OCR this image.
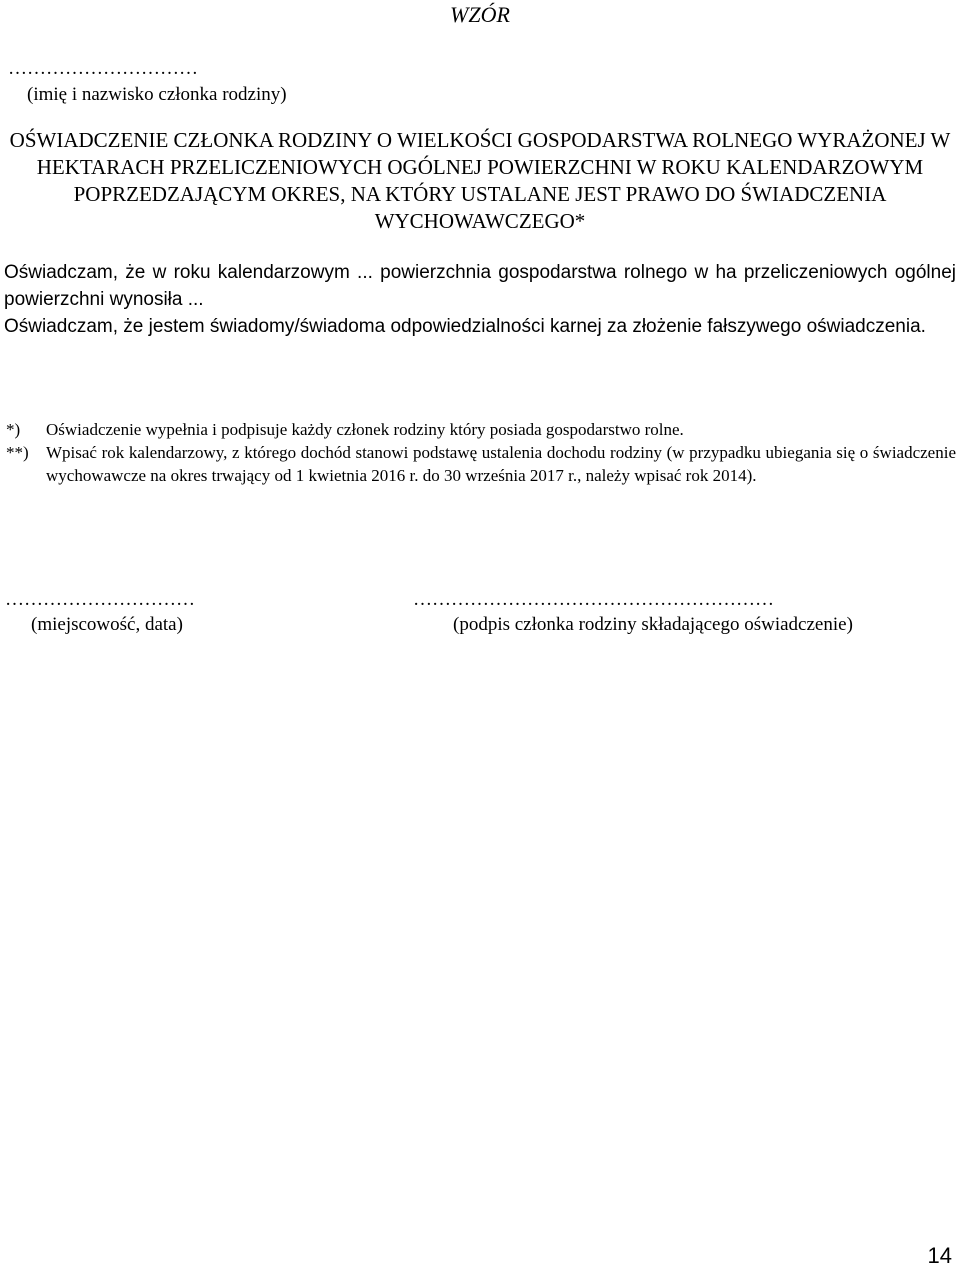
WZÓR
…………………………
(imię i nazwisko członka rodziny)
OŚWIADCZENIE CZŁONKA RODZINY O WIELKOŚCI GOSPODARSTWA ROLNEGO WYRAŻONEJ W HEKTARACH PRZELICZENIOWYCH OGÓLNEJ POWIERZCHNI W ROKU KALENDARZOWYM POPRZEDZAJĄCYM OKRES, NA KTÓRY USTALANE JEST PRAWO DO ŚWIADCZENIA WYCHOWAWCZEGO*
Oświadczam, że w roku kalendarzowym ... powierzchnia gospodarstwa rolnego w ha przeliczeniowych ogólnej powierzchni wynosiła ...
Oświadczam, że jestem świadomy/świadoma odpowiedzialności karnej za złożenie fałszywego oświadczenia.
*)	Oświadczenie wypełnia i podpisuje każdy członek rodziny który posiada gospodarstwo rolne.
**)	Wpisać rok kalendarzowy, z którego dochód stanowi podstawę ustalenia dochodu rodziny (w przypadku ubiegania się o świadczenie wychowawcze na okres trwający od 1 kwietnia 2016 r. do 30 września 2017 r., należy wpisać rok 2014).
…………………………	…………………………………………………
(miejscowość, data)	(podpis członka rodziny składającego oświadczenie)
14
